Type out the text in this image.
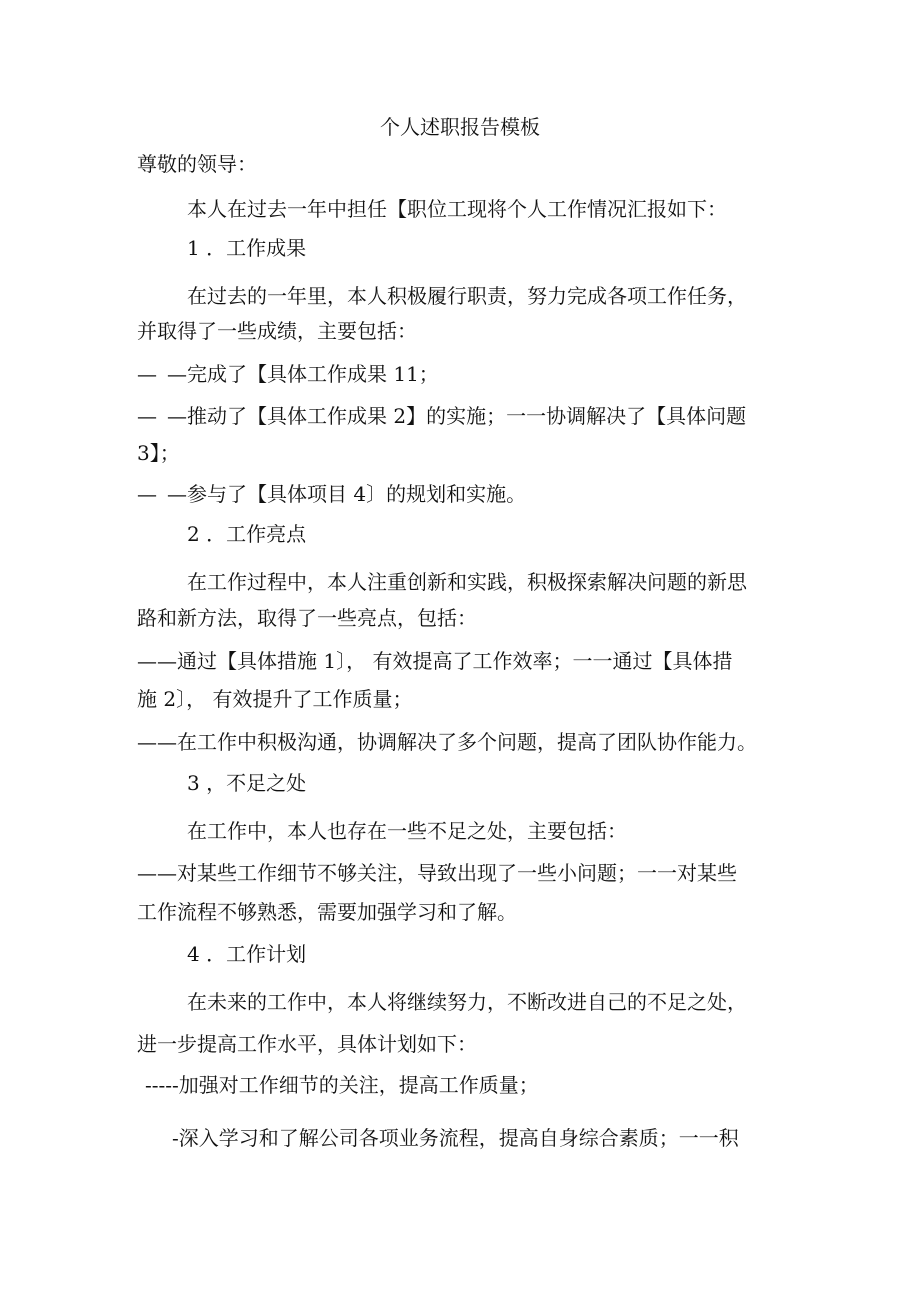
个人述职报告模板
尊敬的领导：
本人在过去一年中担任【职位工现将个人工作情况汇报如下：
1 ．工作成果
在过去的一年里，本人积极履行职责，努力完成各项工作任务，
并取得了一些成绩，主要包括：
— —完成了【具体工作成果 11；
— —推动了【具体工作成果 2】的实施；一一协调解决了【具体问题
3】；
— —参与了【具体项目 4〕的规划和实施。
2 ．工作亮点
在工作过程中，本人注重创新和实践，积极探索解决问题的新思
路和新方法，取得了一些亮点，包括：
——通过【具体措施 1〕， 有效提高了工作效率；一一通过【具体措
施 2〕， 有效提升了工作质量；
——在工作中积极沟通，协调解决了多个问题，提高了团队协作能力。
3 ，不足之处
在工作中，本人也存在一些不足之处，主要包括：
——对某些工作细节不够关注，导致出现了一些小问题；一一对某些
工作流程不够熟悉，需要加强学习和了解。
4 ．工作计划
在未来的工作中，本人将继续努力，不断改进自己的不足之处，
进一步提高工作水平，具体计划如下：
-----加强对工作细节的关注，提高工作质量；
-深入学习和了解公司各项业务流程，提高自身综合素质；一一积
